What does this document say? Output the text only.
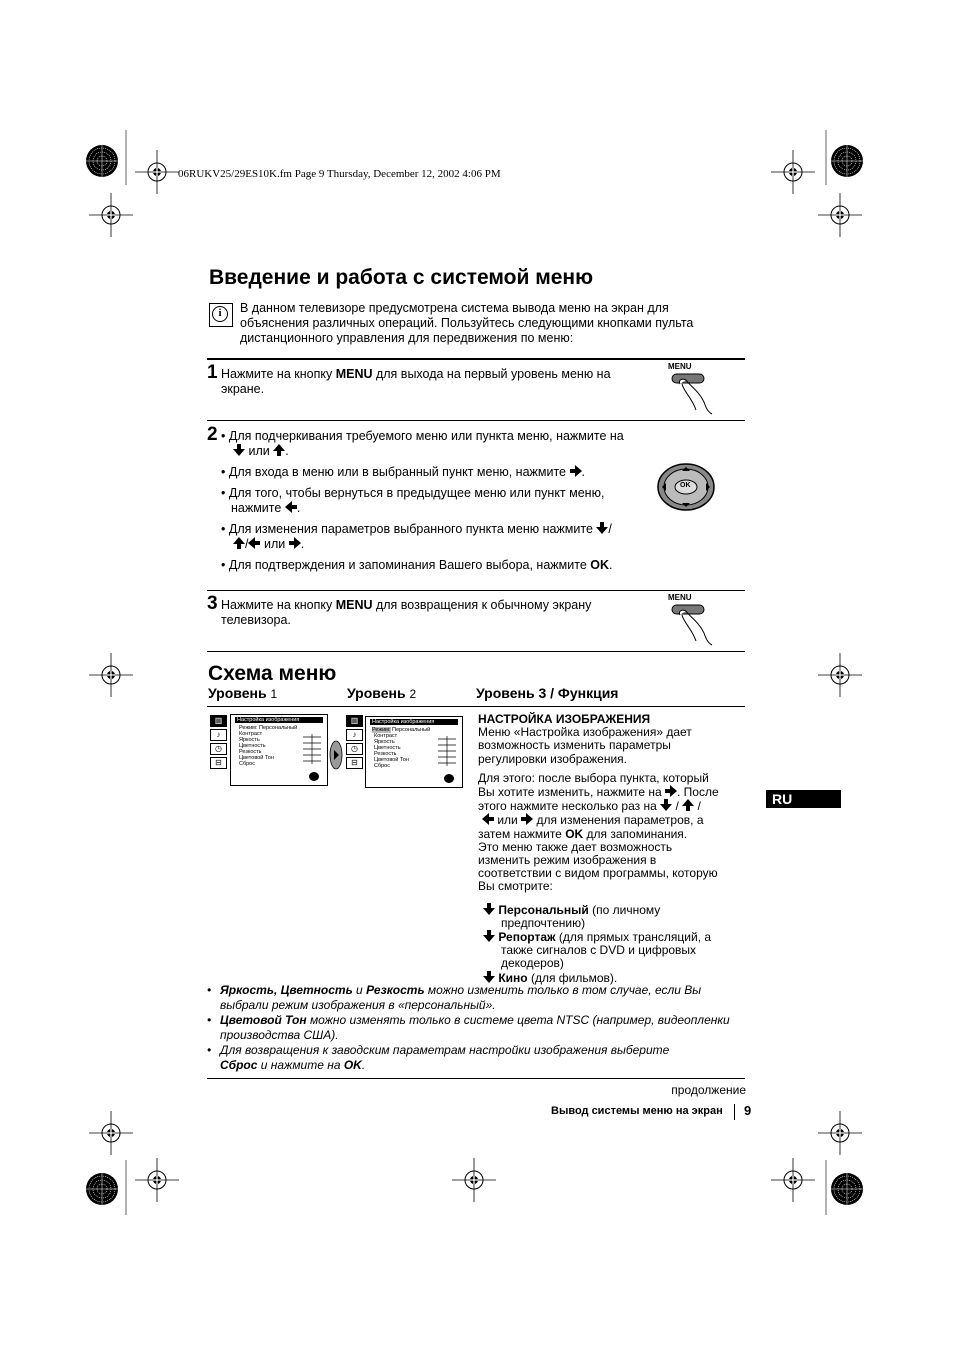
06RUKV25/29ES10K.fm Page 9 Thursday, December 12, 2002 4:06 PM
Введение и работа с системой меню
i	В данном телевизоре предусмотрена система вывода меню на экран для
объяснения различных операций. Пользуйтесь следующими кнопками пульта
дистанционного управления для передвижения по меню:
1 Нажмите на кнопку MENU для выхода на первый уровень меню на
экране.
MENU
2 • Для подчеркивания требуемого меню или пункта меню, нажмите на
или .
• Для входа в меню или в выбранный пункт меню, нажмите .
• Для того, чтобы вернуться в предыдущее меню или пункт меню,
нажмите .
• Для изменения параметров выбранного пункта меню нажмите /
/ или .
• Для подтверждения и запоминания Вашего выбора, нажмите OK.
OK
3 Нажмите на кнопку MENU для возвращения к обычному экрану
телевизора.
MENU
Схема меню
Уровень 1	Уровень 2	Уровень 3 / Функция
▥
♪
◷
⊟
Настройка изображения
Режим: Персональный
Контраст
Яркость
Цветность
Резкость
Цветовой Тон
Сброс
▥
♪
◷
⊟
Настройка изображения
Режим: Персональный
Контраст
Яркость
Цветность
Резкость
Цветовой Тон
Сброс
НАСТРОЙКА ИЗОБРАЖЕНИЯ
Меню «Настройка изображения» дает
возможность изменить параметры
регулировки изображения.
Для этого: после выбора пункта, который
Вы хотите изменить, нажмите на . После
этого нажмите несколько раз на  /  /
или для изменения параметров, а
затем нажмите OK для запоминания.
Это меню также дает возможность
изменить режим изображения в
соответствии с видом программы, которую
Вы смотрите:
Персональный (по личному
предпочтению)
Репортаж (для прямых трансляций, а
также сигналов с DVD и цифровых
декодеров)
Кино (для фильмов).
RU
• Яркость, Цветность и Резкость можно изменить только в том случае, если Вы
выбрали режим изображения в «персональный».
• Цветовой Тон можно изменять только в системе цвета NTSC (например, видеопленки
производства США).
• Для возвращения к заводским параметрам настройки изображения выберите
Сброс и нажмите на OK.
продолжение
Вывод системы меню на экран 9
